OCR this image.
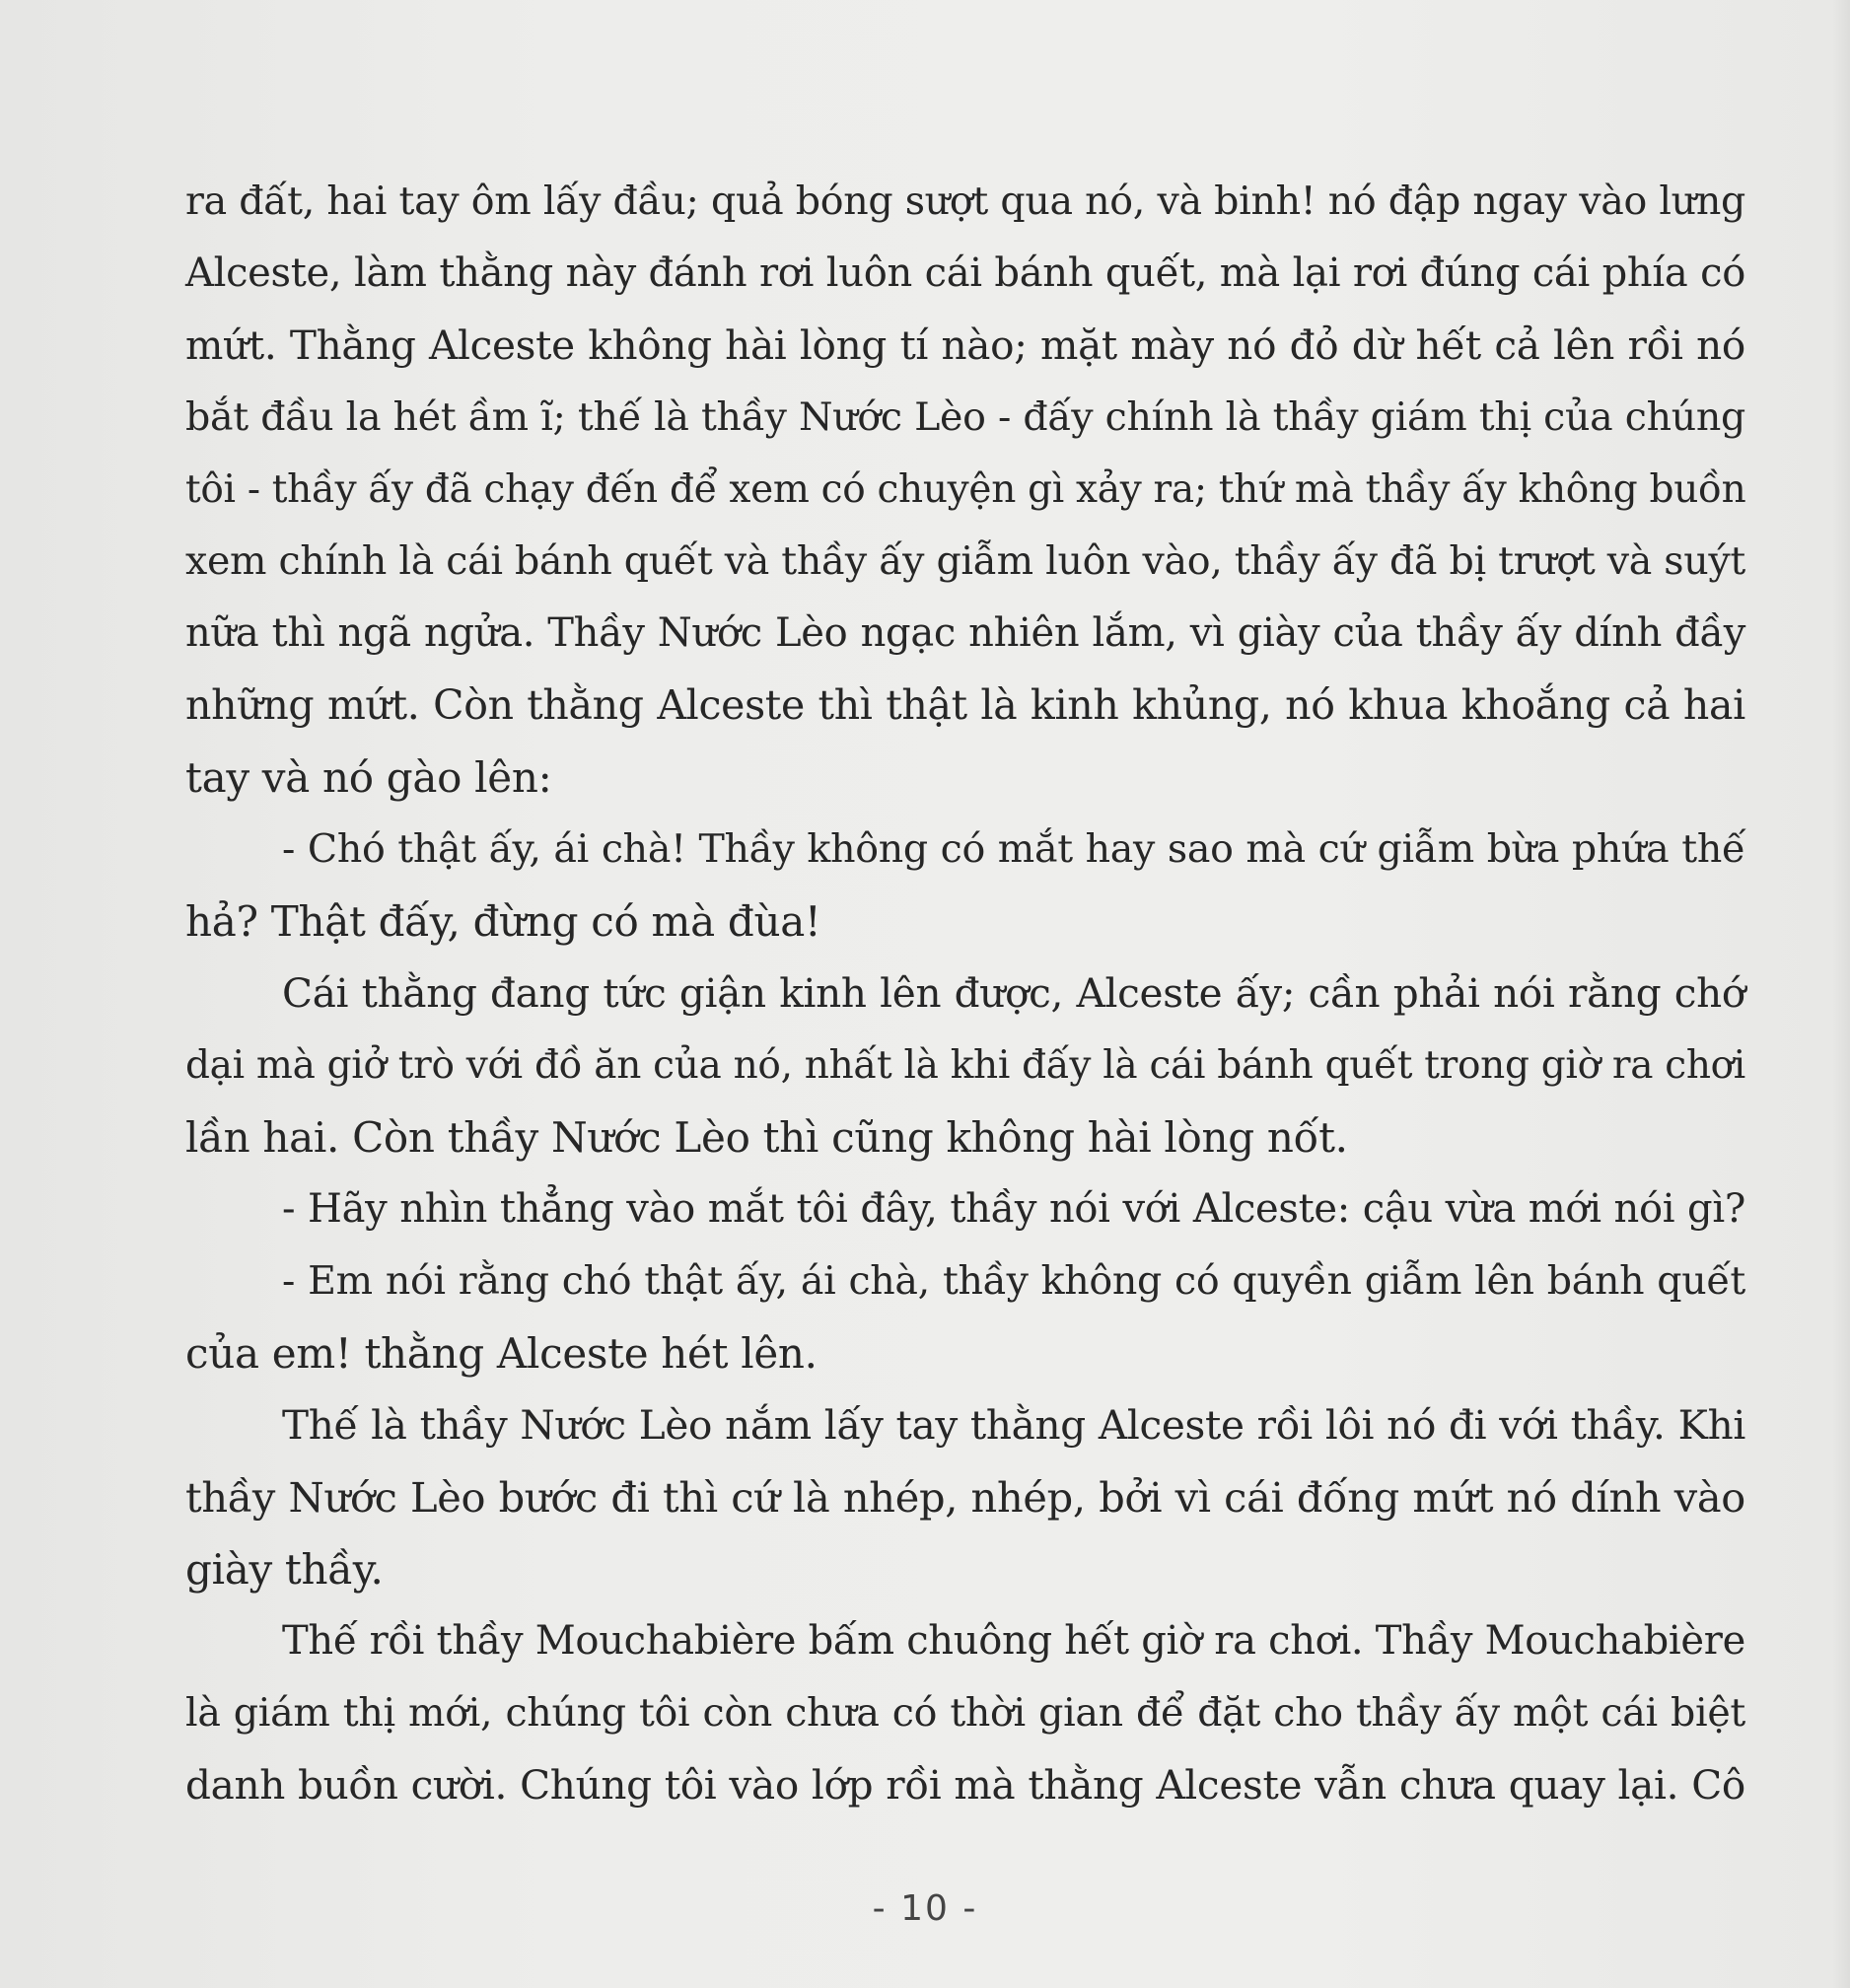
ra đất, hai tay ôm lấy đầu; quả bóng sượt qua nó, và binh! nó đập ngay vào lưng
Alceste, làm thằng này đánh rơi luôn cái bánh quết, mà lại rơi đúng cái phía có
mứt. Thằng Alceste không hài lòng tí nào; mặt mày nó đỏ dừ hết cả lên rồi nó
bắt đầu la hét ầm ĩ; thế là thầy Nước Lèo - đấy chính là thầy giám thị của chúng
tôi - thầy ấy đã chạy đến để xem có chuyện gì xảy ra; thứ mà thầy ấy không buồn
xem chính là cái bánh quết và thầy ấy giẫm luôn vào, thầy ấy đã bị trượt và suýt
nữa thì ngã ngửa. Thầy Nước Lèo ngạc nhiên lắm, vì giày của thầy ấy dính đầy
những mứt. Còn thằng Alceste thì thật là kinh khủng, nó khua khoắng cả hai
tay và nó gào lên:
- Chó thật ấy, ái chà! Thầy không có mắt hay sao mà cứ giẫm bừa phứa thế
hả? Thật đấy, đừng có mà đùa!
Cái thằng đang tức giận kinh lên được, Alceste ấy; cần phải nói rằng chớ
dại mà giở trò với đồ ăn của nó, nhất là khi đấy là cái bánh quết trong giờ ra chơi
lần hai. Còn thầy Nước Lèo thì cũng không hài lòng nốt.
- Hãy nhìn thẳng vào mắt tôi đây, thầy nói với Alceste: cậu vừa mới nói gì?
- Em nói rằng chó thật ấy, ái chà, thầy không có quyền giẫm lên bánh quết
của em! thằng Alceste hét lên.
Thế là thầy Nước Lèo nắm lấy tay thằng Alceste rồi lôi nó đi với thầy. Khi
thầy Nước Lèo bước đi thì cứ là nhép, nhép, bởi vì cái đống mứt nó dính vào
giày thầy.
Thế rồi thầy Mouchabière bấm chuông hết giờ ra chơi. Thầy Mouchabière
là giám thị mới, chúng tôi còn chưa có thời gian để đặt cho thầy ấy một cái biệt
danh buồn cười. Chúng tôi vào lớp rồi mà thằng Alceste vẫn chưa quay lại. Cô
- 10 -
